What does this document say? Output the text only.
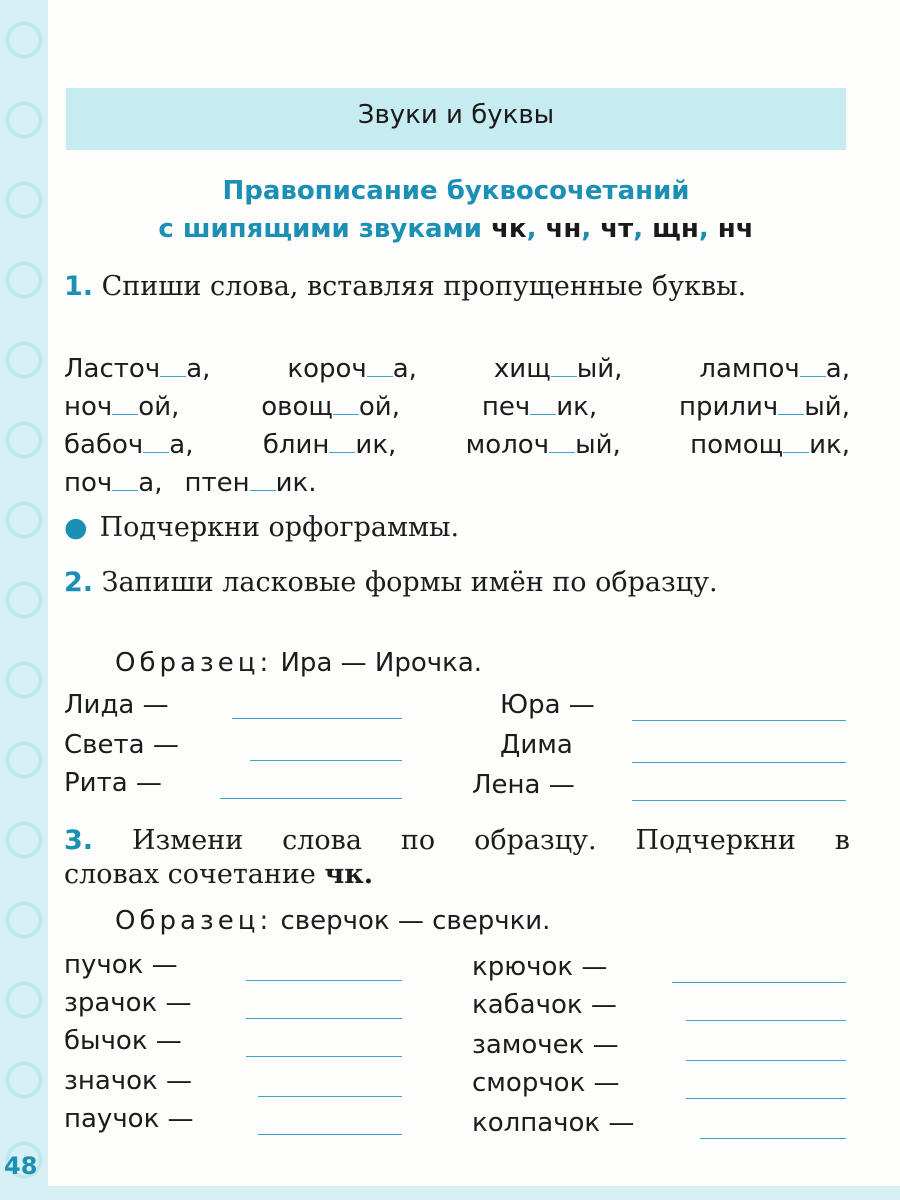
Звуки и буквы
Правописание буквосочетаний
с шипящими звуками чк, чн, чт, щн, нч
1. Спиши слова, вставляя пропущенные буквы.
Ласточ а,	короч а,	хищ ый,	лампоч а,
ноч ой,	овощ ой,	печ ик,	прилич ый,
бабоч а,	блин ик,	молоч ый,	помощ ик,
поч а, птен ик.
● Подчеркни орфограммы.
2. Запиши ласковые формы имён по образцу.
Образец: Ира — Ирочка.
Лида —
Света —
Рита —
Юра —
Дима
Лена —
3. Измени слова по образцу. Подчеркни в
словах сочетание чк.
Образец: сверчок — сверчки.
пучок —
зрачок —
бычок —
значок —
паучок —
крючок —
кабачок —
замочек —
сморчок —
колпачок —
48
